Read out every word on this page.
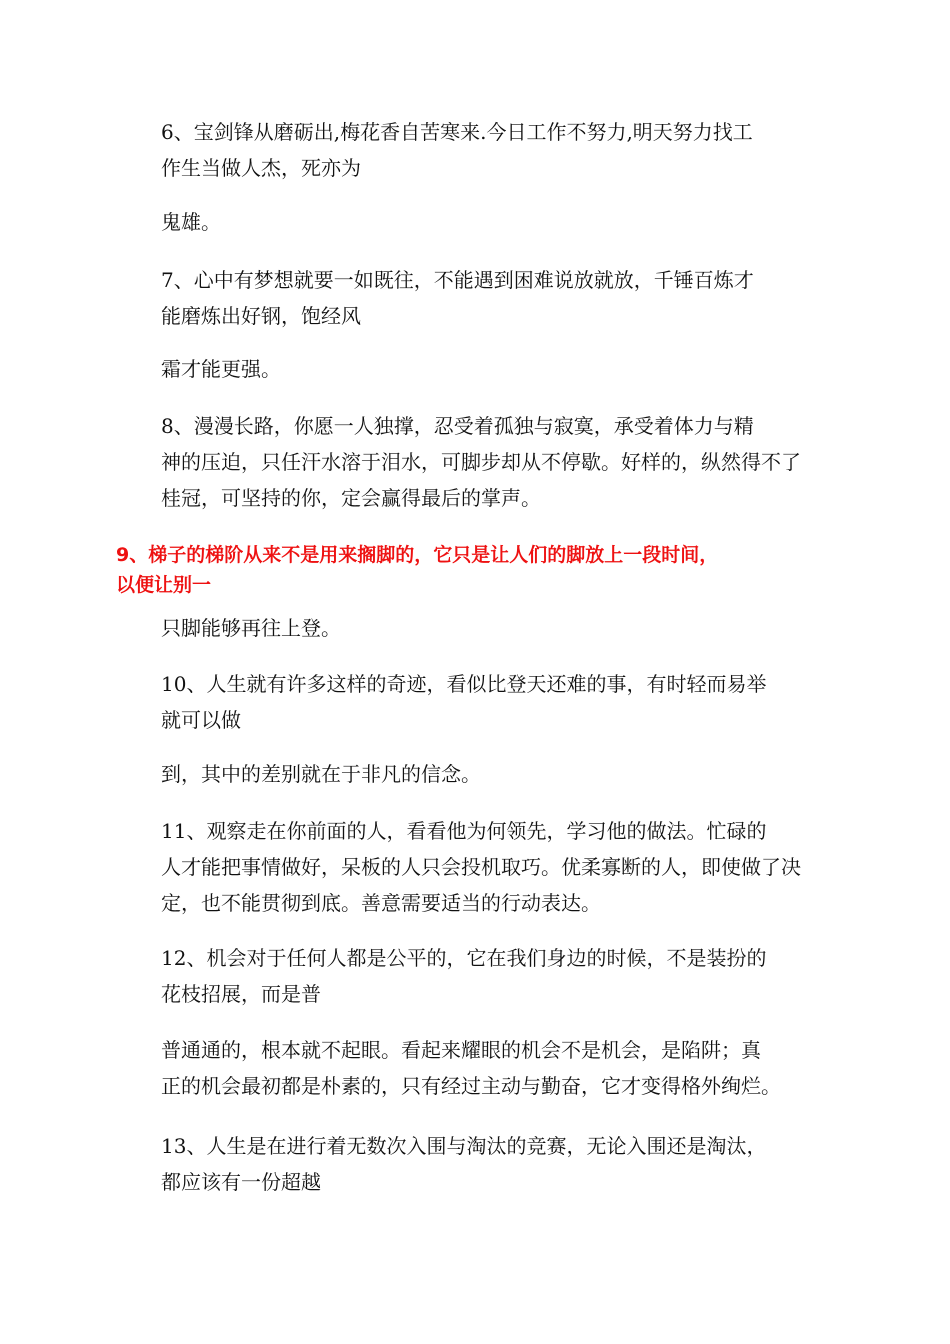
6、宝剑锋从磨砺出,梅花香自苦寒来.今日工作不努力,明天努力找工
作生当做人杰，死亦为

鬼雄。

7、心中有梦想就要一如既往，不能遇到困难说放就放，千锤百炼才
能磨炼出好钢，饱经风

霜才能更强。

8、漫漫长路，你愿一人独撑，忍受着孤独与寂寞，承受着体力与精
神的压迫，只任汗水溶于泪水，可脚步却从不停歇。好样的，纵然得不了
桂冠，可坚持的你，定会赢得最后的掌声。

9、梯子的梯阶从来不是用来搁脚的，它只是让人们的脚放上一段时间，
以便让别一

只脚能够再往上登。

10、人生就有许多这样的奇迹，看似比登天还难的事，有时轻而易举
就可以做

到，其中的差别就在于非凡的信念。

11、观察走在你前面的人，看看他为何领先，学习他的做法。忙碌的
人才能把事情做好，呆板的人只会投机取巧。优柔寡断的人，即使做了决
定，也不能贯彻到底。善意需要适当的行动表达。

12、机会对于任何人都是公平的，它在我们身边的时候，不是装扮的
花枝招展，而是普

普通通的，根本就不起眼。看起来耀眼的机会不是机会，是陷阱；真
正的机会最初都是朴素的，只有经过主动与勤奋，它才变得格外绚烂。

13、人生是在进行着无数次入围与淘汰的竞赛，无论入围还是淘汰，
都应该有一份超越
